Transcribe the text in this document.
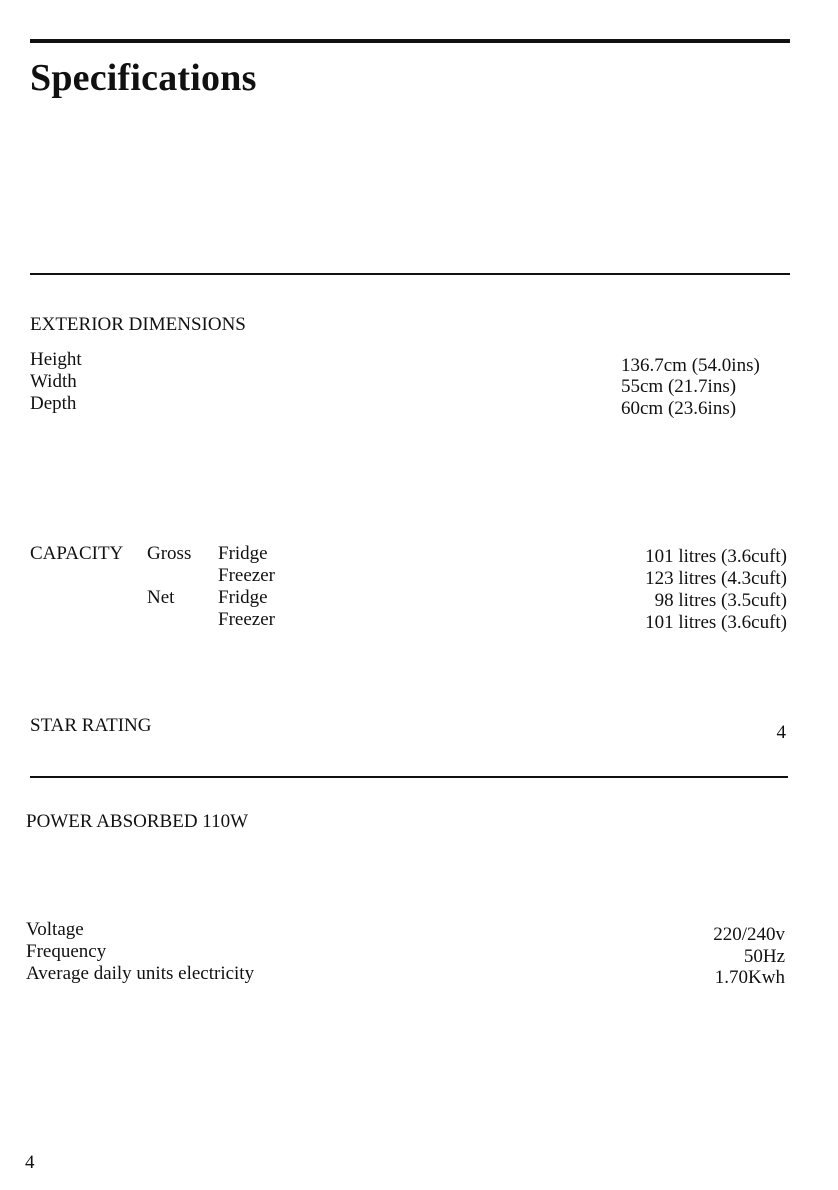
Specifications
EXTERIOR DIMENSIONS
Height
Width
Depth
136.7cm (54.0ins)
55cm (21.7ins)
60cm (23.6ins)
CAPACITY Gross
Net
Fridge
Freezer
Fridge
Freezer
101 litres (3.6cuft)
123 litres (4.3cuft)
98 litres (3.5cuft)
101 litres (3.6cuft)
STAR RATING	4
POWER ABSORBED 110W
Voltage
Frequency
Average daily units electricity
220/240v
50Hz
1.70Kwh
4
